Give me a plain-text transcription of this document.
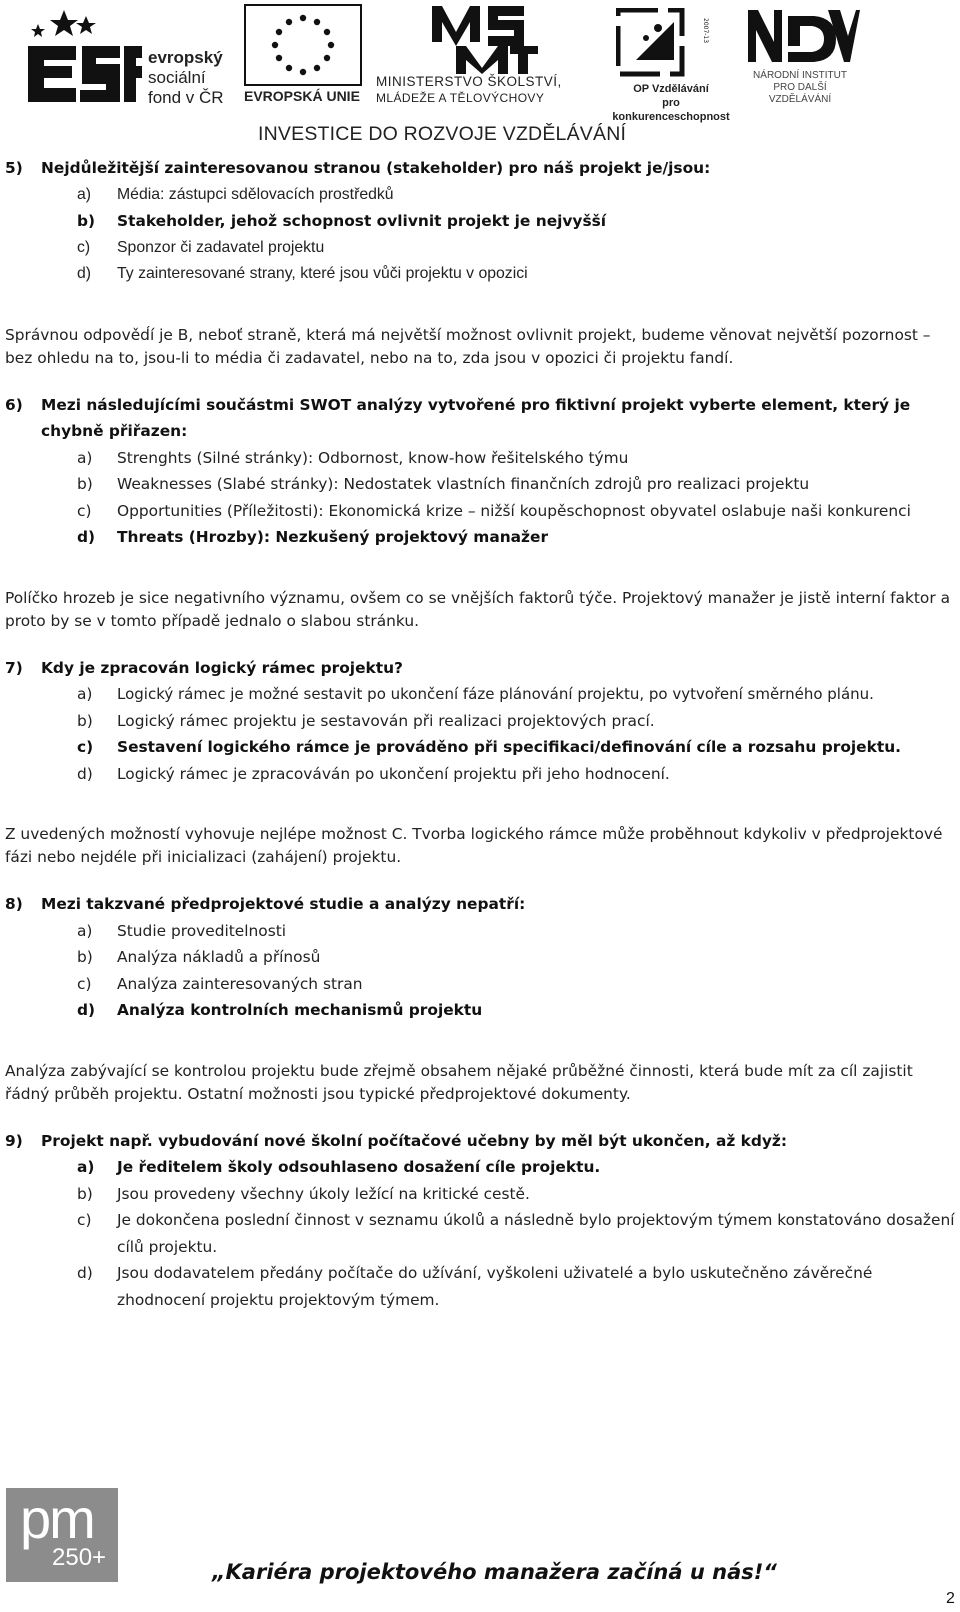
evropský
sociální
fond v ČR EVROPSKÁ UNIE
MINISTERSTVO ŠKOLSTVÍ,
MLÁDEŽE A TĚLOVÝCHOVY
2007-13
OP Vzdělávání
pro konkurenceschopnost
NÁRODNÍ INSTITUT
PRO DALŠÍ
VZDĚLÁVÁNÍ
INVESTICE DO ROZVOJE VZDĚLÁVÁNÍ

5)	Nejdůležitější zainteresovanou stranou (stakeholder) pro náš projekt je/jsou:

a)	Média: zástupci sdělovacích prostředků
b)	Stakeholder, jehož schopnost ovlivnit projekt je nejvyšší
c)	Sponzor či zadavatel projektu
d)	Ty zainteresované strany, které jsou vůči projektu v opozici

Správnou odpověd́í je B, neboť straně, která má největší možnost ovlivnit projekt, budeme věnovat největší pozornost – bez ohledu na to, jsou-li to média či zadavatel, nebo na to, zda jsou v opozici či projektu fandí.

6)	Mezi následujícími součástmi SWOT analýzy vytvořené pro fiktivní projekt vyberte element, který je chybně přiřazen:

a)	Strenghts (Silné stránky): Odbornost, know-how řešitelského týmu
b)	Weaknesses (Slabé stránky): Nedostatek vlastních finančních zdrojů pro realizaci projektu
c)	Opportunities (Příležitosti): Ekonomická krize – nižší koupěschopnost obyvatel oslabuje naši konkurenci
d)	Threats (Hrozby): Nezkušený projektový manažer

Políčko hrozeb je sice negativního významu, ovšem co se vnějších faktorů týče. Projektový manažer je jistě interní faktor a proto by se v tomto případě jednalo o slabou stránku.

7)	Kdy je zpracován logický rámec projektu?

a)	Logický rámec je možné sestavit po ukončení fáze plánování projektu, po vytvoření směrného plánu.
b)	Logický rámec projektu je sestavován při realizaci projektových prací.
c)	Sestavení logického rámce je prováděno při specifikaci/definování cíle a rozsahu projektu.
d)	Logický rámec je zpracováván po ukončení projektu při jeho hodnocení.

Z uvedených možností vyhovuje nejlépe možnost C. Tvorba logického rámce může proběhnout kdykoliv v předprojektové fázi nebo nejdéle při inicializaci (zahájení) projektu.

8)	Mezi takzvané předprojektové studie a analýzy nepatří:

a)	Studie proveditelnosti
b)	Analýza nákladů a přínosů
c)	Analýza zainteresovaných stran
d)	Analýza kontrolních mechanismů projektu

Analýza zabývající se kontrolou projektu bude zřejmě obsahem nějaké průběžné činnosti, která bude mít za cíl zajistit řádný průběh projektu. Ostatní možnosti jsou typické předprojektové dokumenty.

9)	Projekt např. vybudování nové školní počítačové učebny by měl být ukončen, až když:

a)	Je ředitelem školy odsouhlaseno dosažení cíle projektu.
b)	Jsou provedeny všechny úkoly ležící na kritické cestě.
c)	Je dokončena poslední činnost v seznamu úkolů a následně bylo projektovým týmem konstatováno dosažení cílů projektu.
d)	Jsou dodavatelem předány počítače do užívání, vyškoleni uživatelé a bylo uskutečněno závěrečné zhodnocení projektu projektovým týmem.
pm
250+
„Kariéra projektového manažera začíná u nás!“
2
